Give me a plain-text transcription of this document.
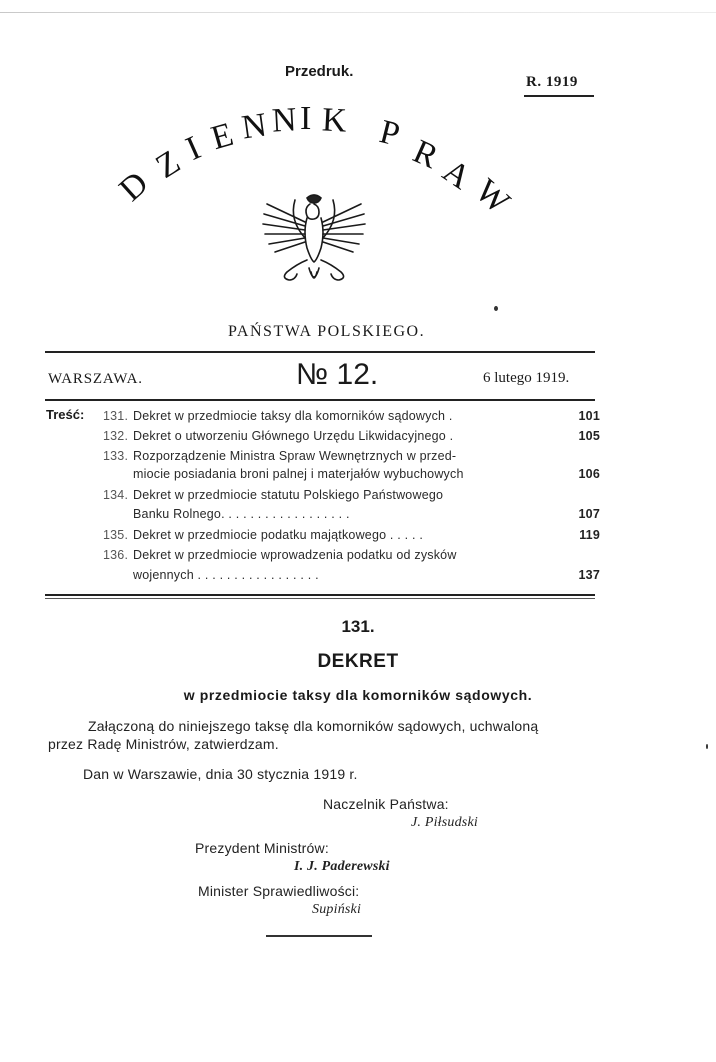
Przedruk.
R. 1919
D
Z
I E N N I K P R
A
W
PAŃSTWA POLSKIEGO.
WARSZAWA.	№ 12.	6 lutego 1919.
Treść: 131. Dekret w przedmiocie taksy dla komorników sądowych .	101
132. Dekret o utworzeniu Głównego Urzędu Likwidacyjnego .	105
133. Rozporządzenie Ministra Spraw Wewnętrznych w przed-
miocie posiadania broni palnej i materjałów wybuchowych	106
134. Dekret w przedmiocie statutu Polskiego Państwowego
Banku Rolnego. . . . . . . . . . . . . . . . . .	107
135. Dekret w przedmiocie podatku majątkowego . . . . .	119
136. Dekret w przedmiocie wprowadzenia podatku od zysków
wojennych . . . . . . . . . . . . . . . . .	137
131.
DEKRET
w przedmiocie taksy dla komorników sądowych.
Załączoną do niniejszego taksę dla komorników sądowych, uchwaloną
przez Radę Ministrów, zatwierdzam.
Dan w Warszawie, dnia 30 stycznia 1919 r.
Naczelnik Państwa:
J. Piłsudski
Prezydent Ministrów:
I. J. Paderewski
Minister Sprawiedliwości:
Supiński
